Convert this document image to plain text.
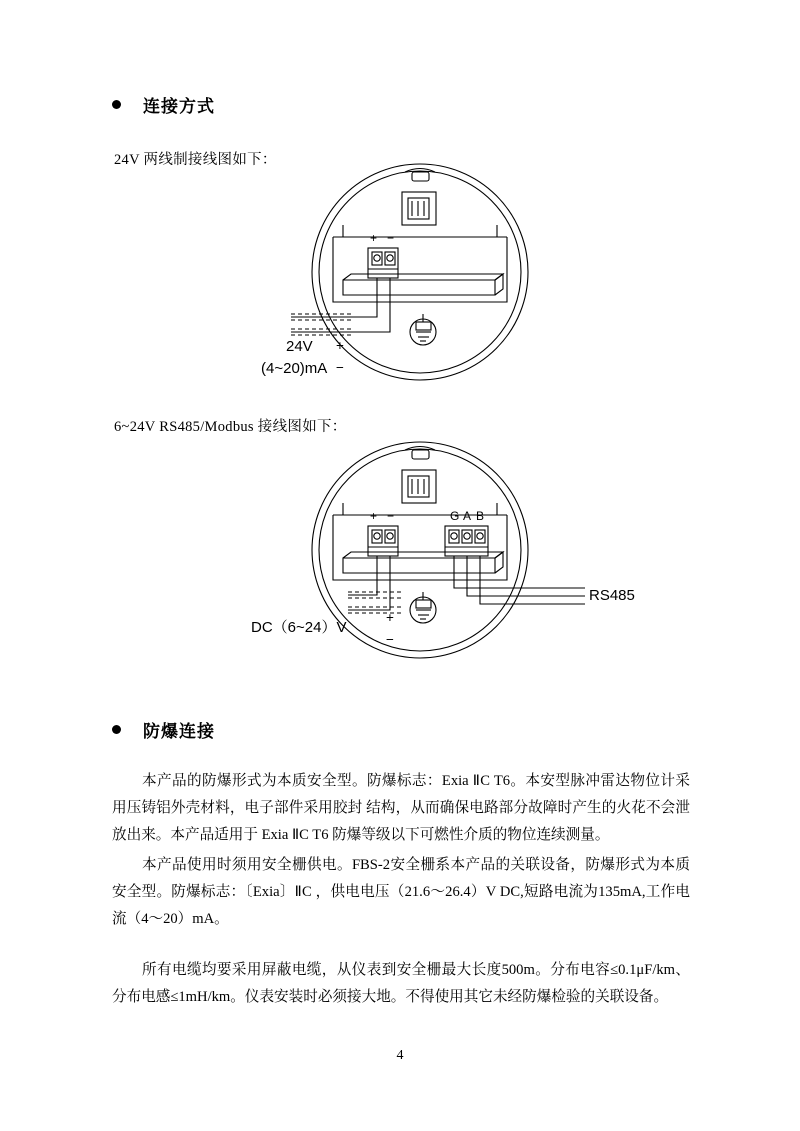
连接方式
24V 两线制接线图如下：
+ −
24V
(4~20)mA
+
−
6~24V RS485/Modbus 接线图如下：
+ −	G A B
DC（6~24）V
+
−
RS485
防爆连接
本产品的防爆形式为本质安全型。防爆标志：Exia ⅡC T6。本安型脉冲雷达物位计采用压铸铝外壳材料，电子部件采用胶封 结构，从而确保电路部分故障时产生的火花不会泄放出来。本产品适用于 Exia ⅡC T6 防爆等级以下可燃性介质的物位连续测量。
本产品使用时须用安全栅供电。FBS-2安全栅系本产品的关联设备，防爆形式为本质安全型。防爆标志：〔Exia〕ⅡC ，供电电压（21.6～26.4）V DC,短路电流为135mA,工作电流（4～20）mA。
所有电缆均要采用屏蔽电缆，从仪表到安全栅最大长度500m。分布电容≤0.1μF/km、分布电感≤1mH/km。仪表安装时必须接大地。不得使用其它未经防爆检验的关联设备。
4
